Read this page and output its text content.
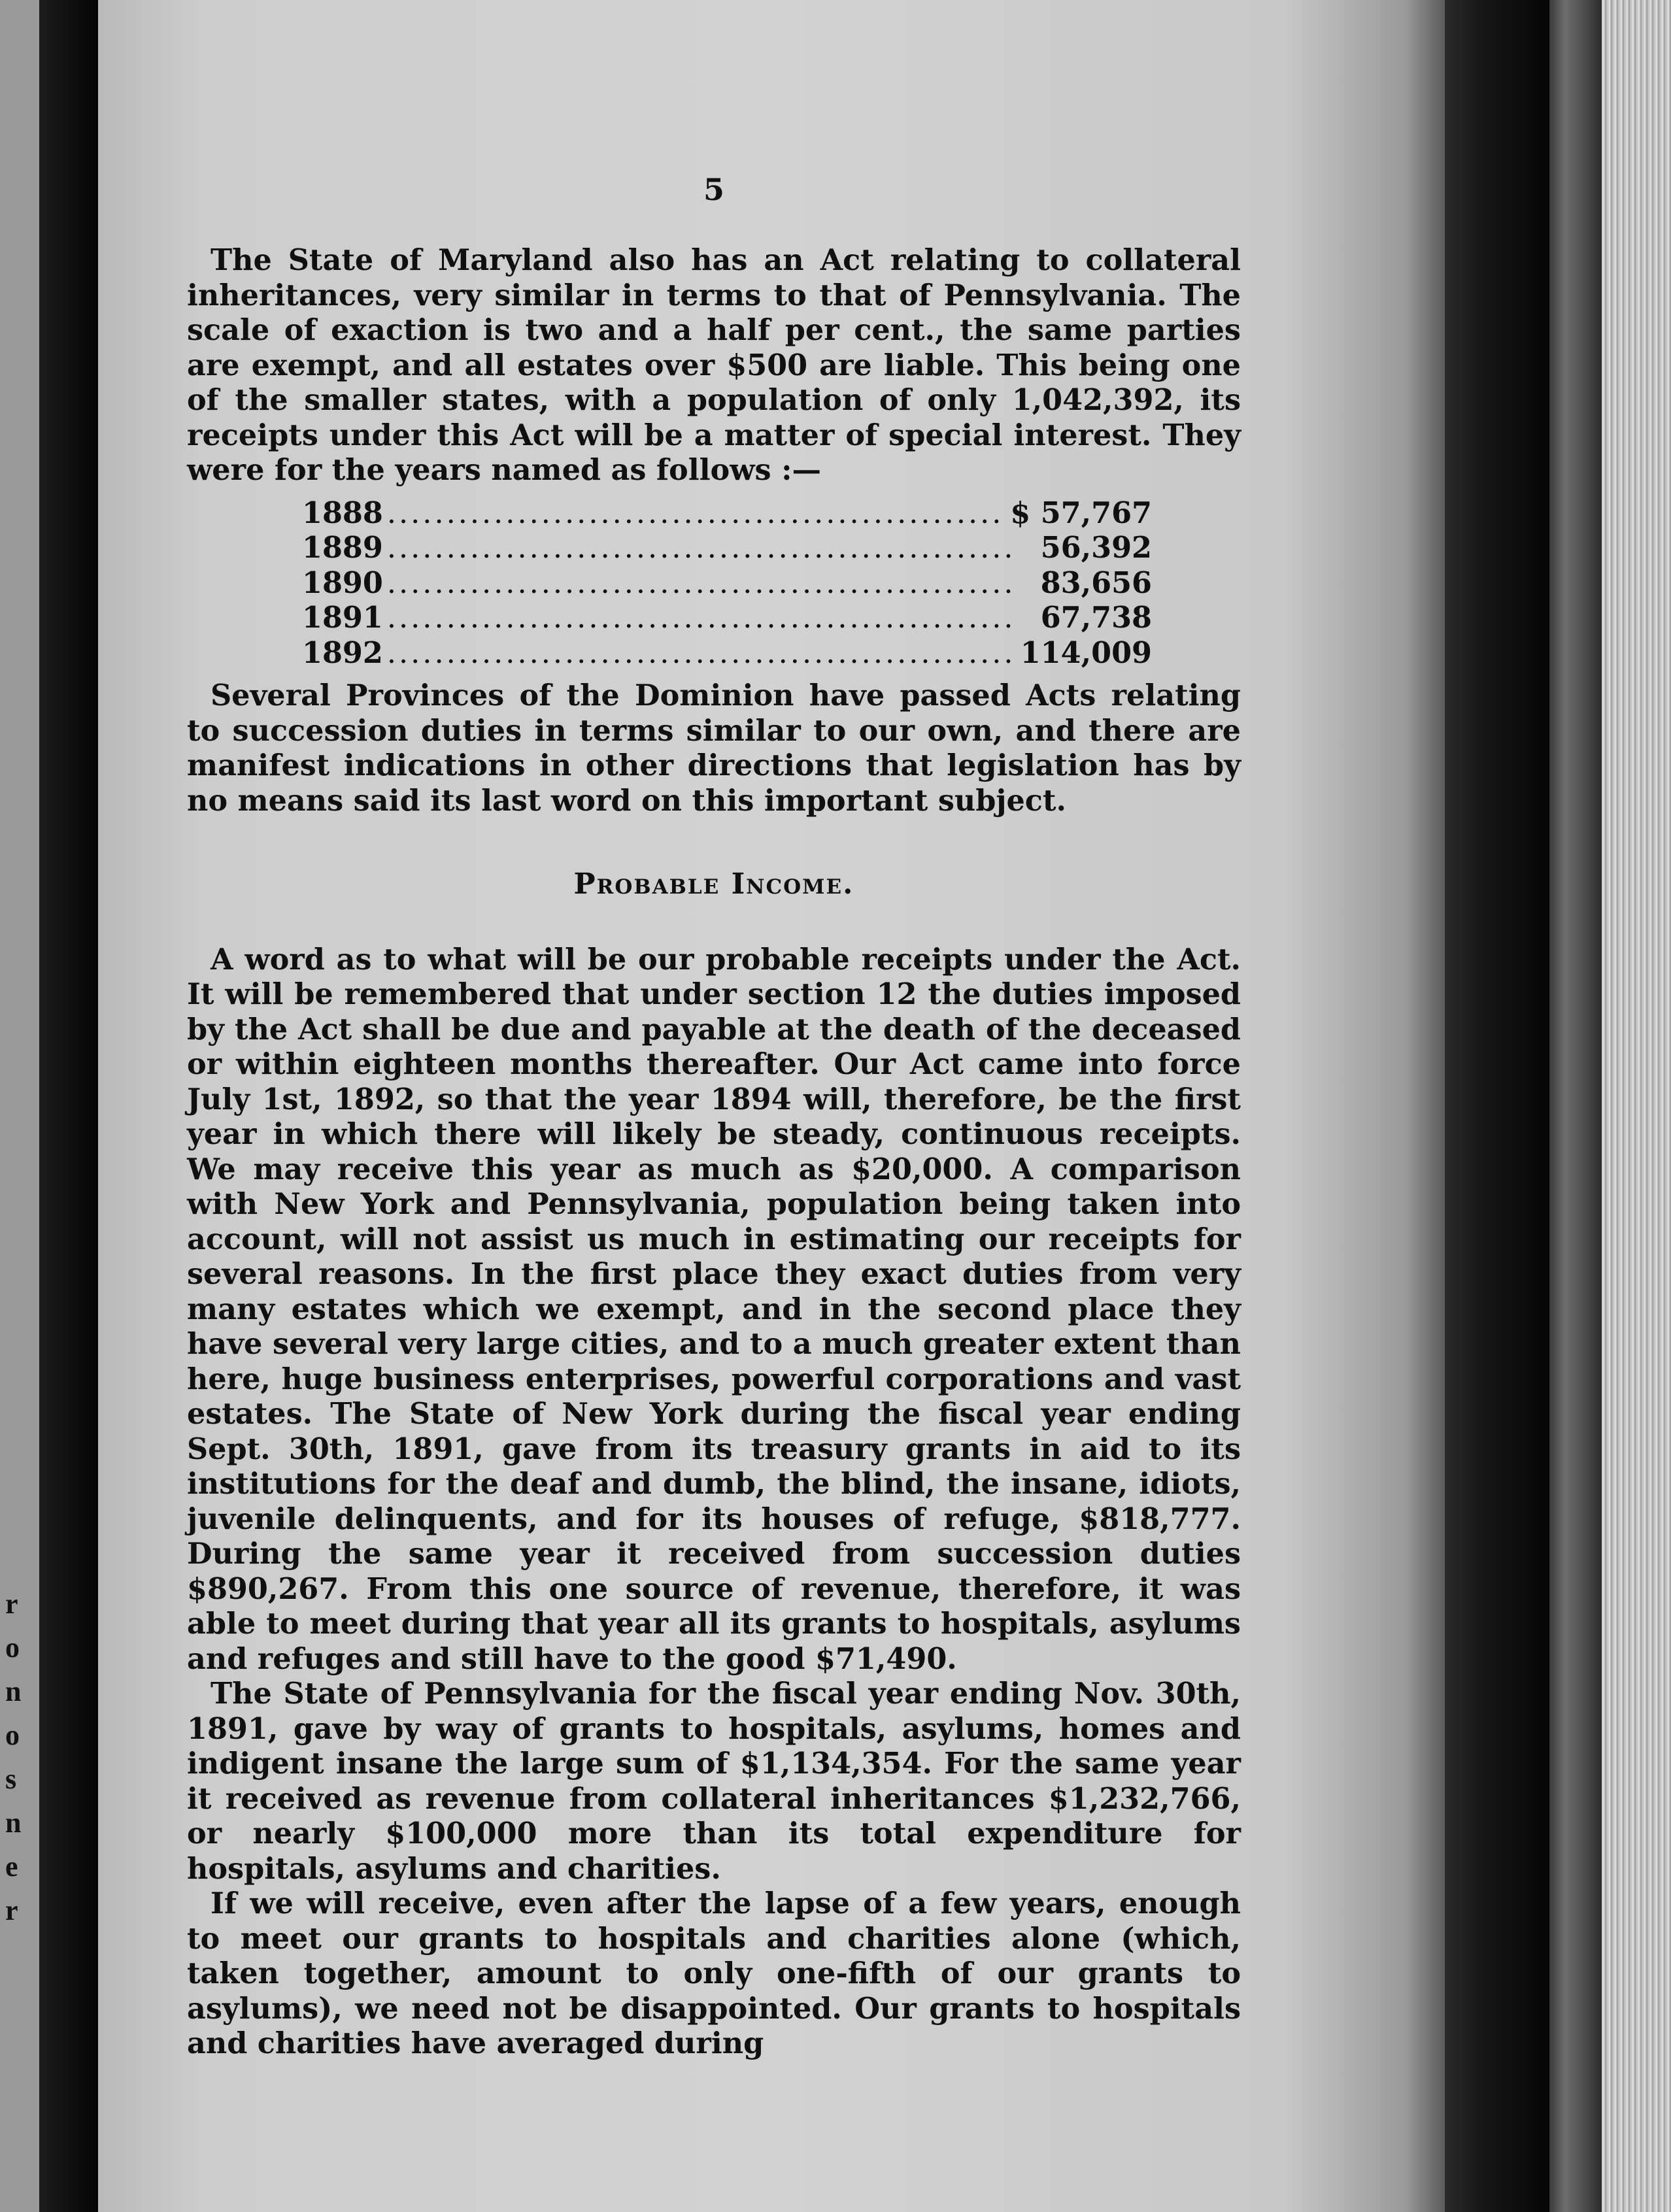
r
o
n
o
s
n
e
r
5

The State of Maryland also has an Act relating to collateral inheritances, very similar in terms to that of Pennsylvania. The scale of exaction is two and a half per cent., the same parties are exempt, and all estates over $500 are liable. This being one of the smaller states, with a population of only 1,042,392, its receipts under this Act will be a matter of special interest. They were for the years named as follows :—

1888 .....	$ 57,767
1889 .....	56,392
1890 .....	83,656
1891 .....	67,738
1892 .....	114,009

Several Provinces of the Dominion have passed Acts relating to succession duties in terms similar to our own, and there are manifest indications in other directions that legislation has by no means said its last word on this important subject.

Probable Income.

A word as to what will be our probable receipts under the Act. It will be remembered that under section 12 the duties imposed by the Act shall be due and payable at the death of the deceased or within eighteen months thereafter. Our Act came into force July 1st, 1892, so that the year 1894 will, therefore, be the first year in which there will likely be steady, continuous receipts. We may receive this year as much as $20,000. A comparison with New York and Pennsylvania, population being taken into account, will not assist us much in estimating our receipts for several reasons. In the first place they exact duties from very many estates which we exempt, and in the second place they have several very large cities, and to a much greater extent than here, huge business enterprises, powerful corporations and vast estates. The State of New York during the fiscal year ending Sept. 30th, 1891, gave from its treasury grants in aid to its institutions for the deaf and dumb, the blind, the insane, idiots, juvenile delinquents, and for its houses of refuge, $818,777. During the same year it received from succession duties $890,267. From this one source of revenue, therefore, it was able to meet during that year all its grants to hospitals, asylums and refuges and still have to the good $71,490.

The State of Pennsylvania for the fiscal year ending Nov. 30th, 1891, gave by way of grants to hospitals, asylums, homes and indigent insane the large sum of $1,134,354. For the same year it received as revenue from collateral inheritances $1,232,766, or nearly $100,000 more than its total expenditure for hospitals, asylums and charities.

If we will receive, even after the lapse of a few years, enough to meet our grants to hospitals and charities alone (which, taken together, amount to only one-fifth of our grants to asylums), we need not be disappointed. Our grants to hospitals and charities have averaged during
